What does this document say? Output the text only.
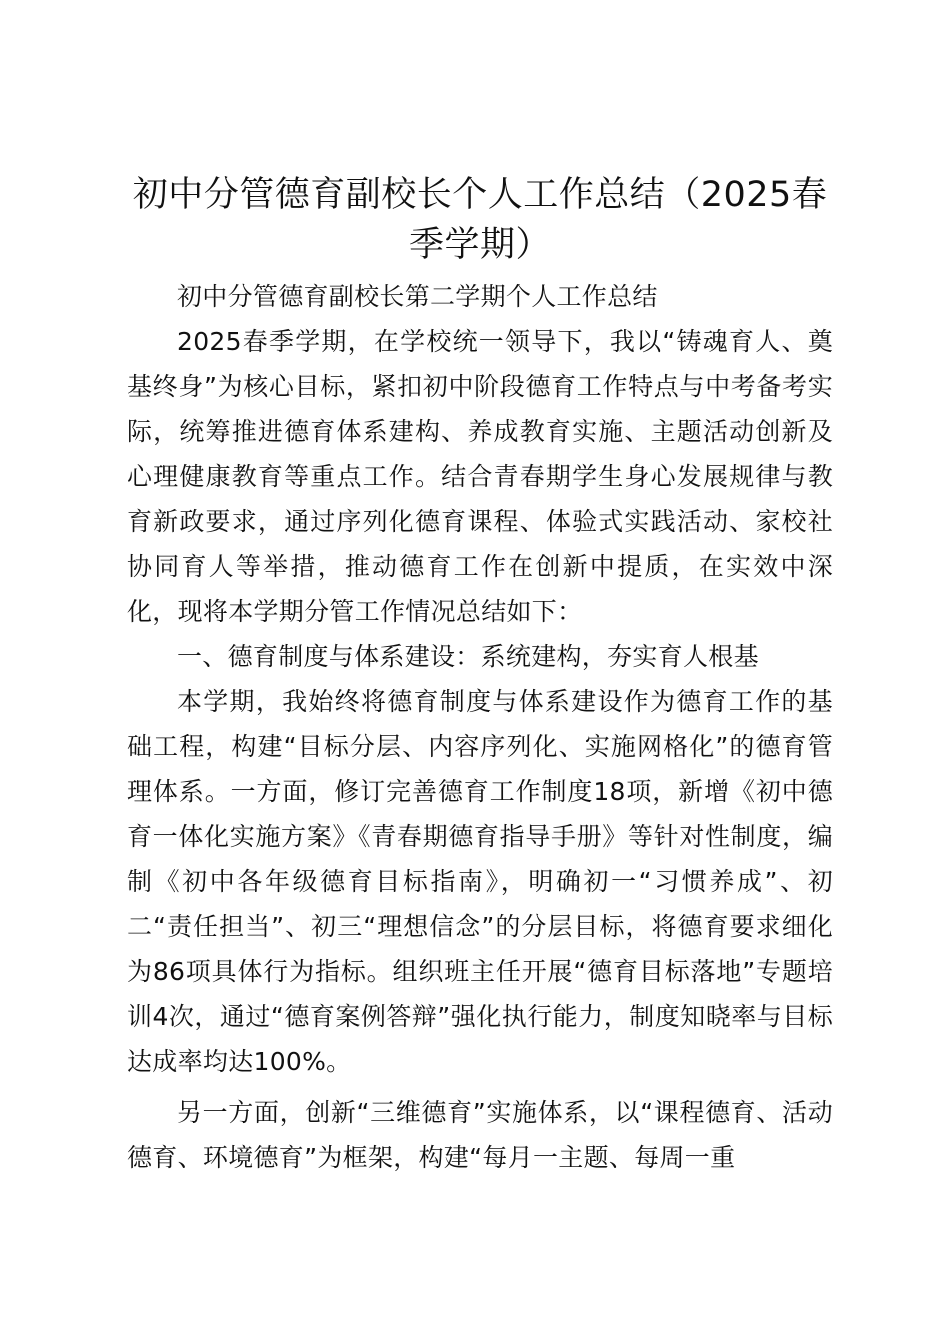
初中分管德育副校长个人工作总结（2025春季学期）

初中分管德育副校长第二学期个人工作总结

2025春季学期，在学校统一领导下，我以“铸魂育人、奠基终身”为核心目标，紧扣初中阶段德育工作特点与中考备考实际，统筹推进德育体系建构、养成教育实施、主题活动创新及心理健康教育等重点工作。结合青春期学生身心发展规律与教育新政要求，通过序列化德育课程、体验式实践活动、家校社协同育人等举措，推动德育工作在创新中提质，在实效中深化，现将本学期分管工作情况总结如下：

一、德育制度与体系建设：系统建构，夯实育人根基

本学期，我始终将德育制度与体系建设作为德育工作的基础工程，构建“目标分层、内容序列化、实施网格化”的德育管理体系。一方面，修订完善德育工作制度18项，新增《初中德育一体化实施方案》《青春期德育指导手册》等针对性制度，编制《初中各年级德育目标指南》，明确初一“习惯养成”、初二“责任担当”、初三“理想信念”的分层目标，将德育要求细化为86项具体行为指标。组织班主任开展“德育目标落地”专题培训4次，通过“德育案例答辩”强化执行能力，制度知晓率与目标达成率均达100%。

另一方面，创新“三维德育”实施体系，以“课程德育、活动德育、环境德育”为框架，构建“每月一主题、每周一重
